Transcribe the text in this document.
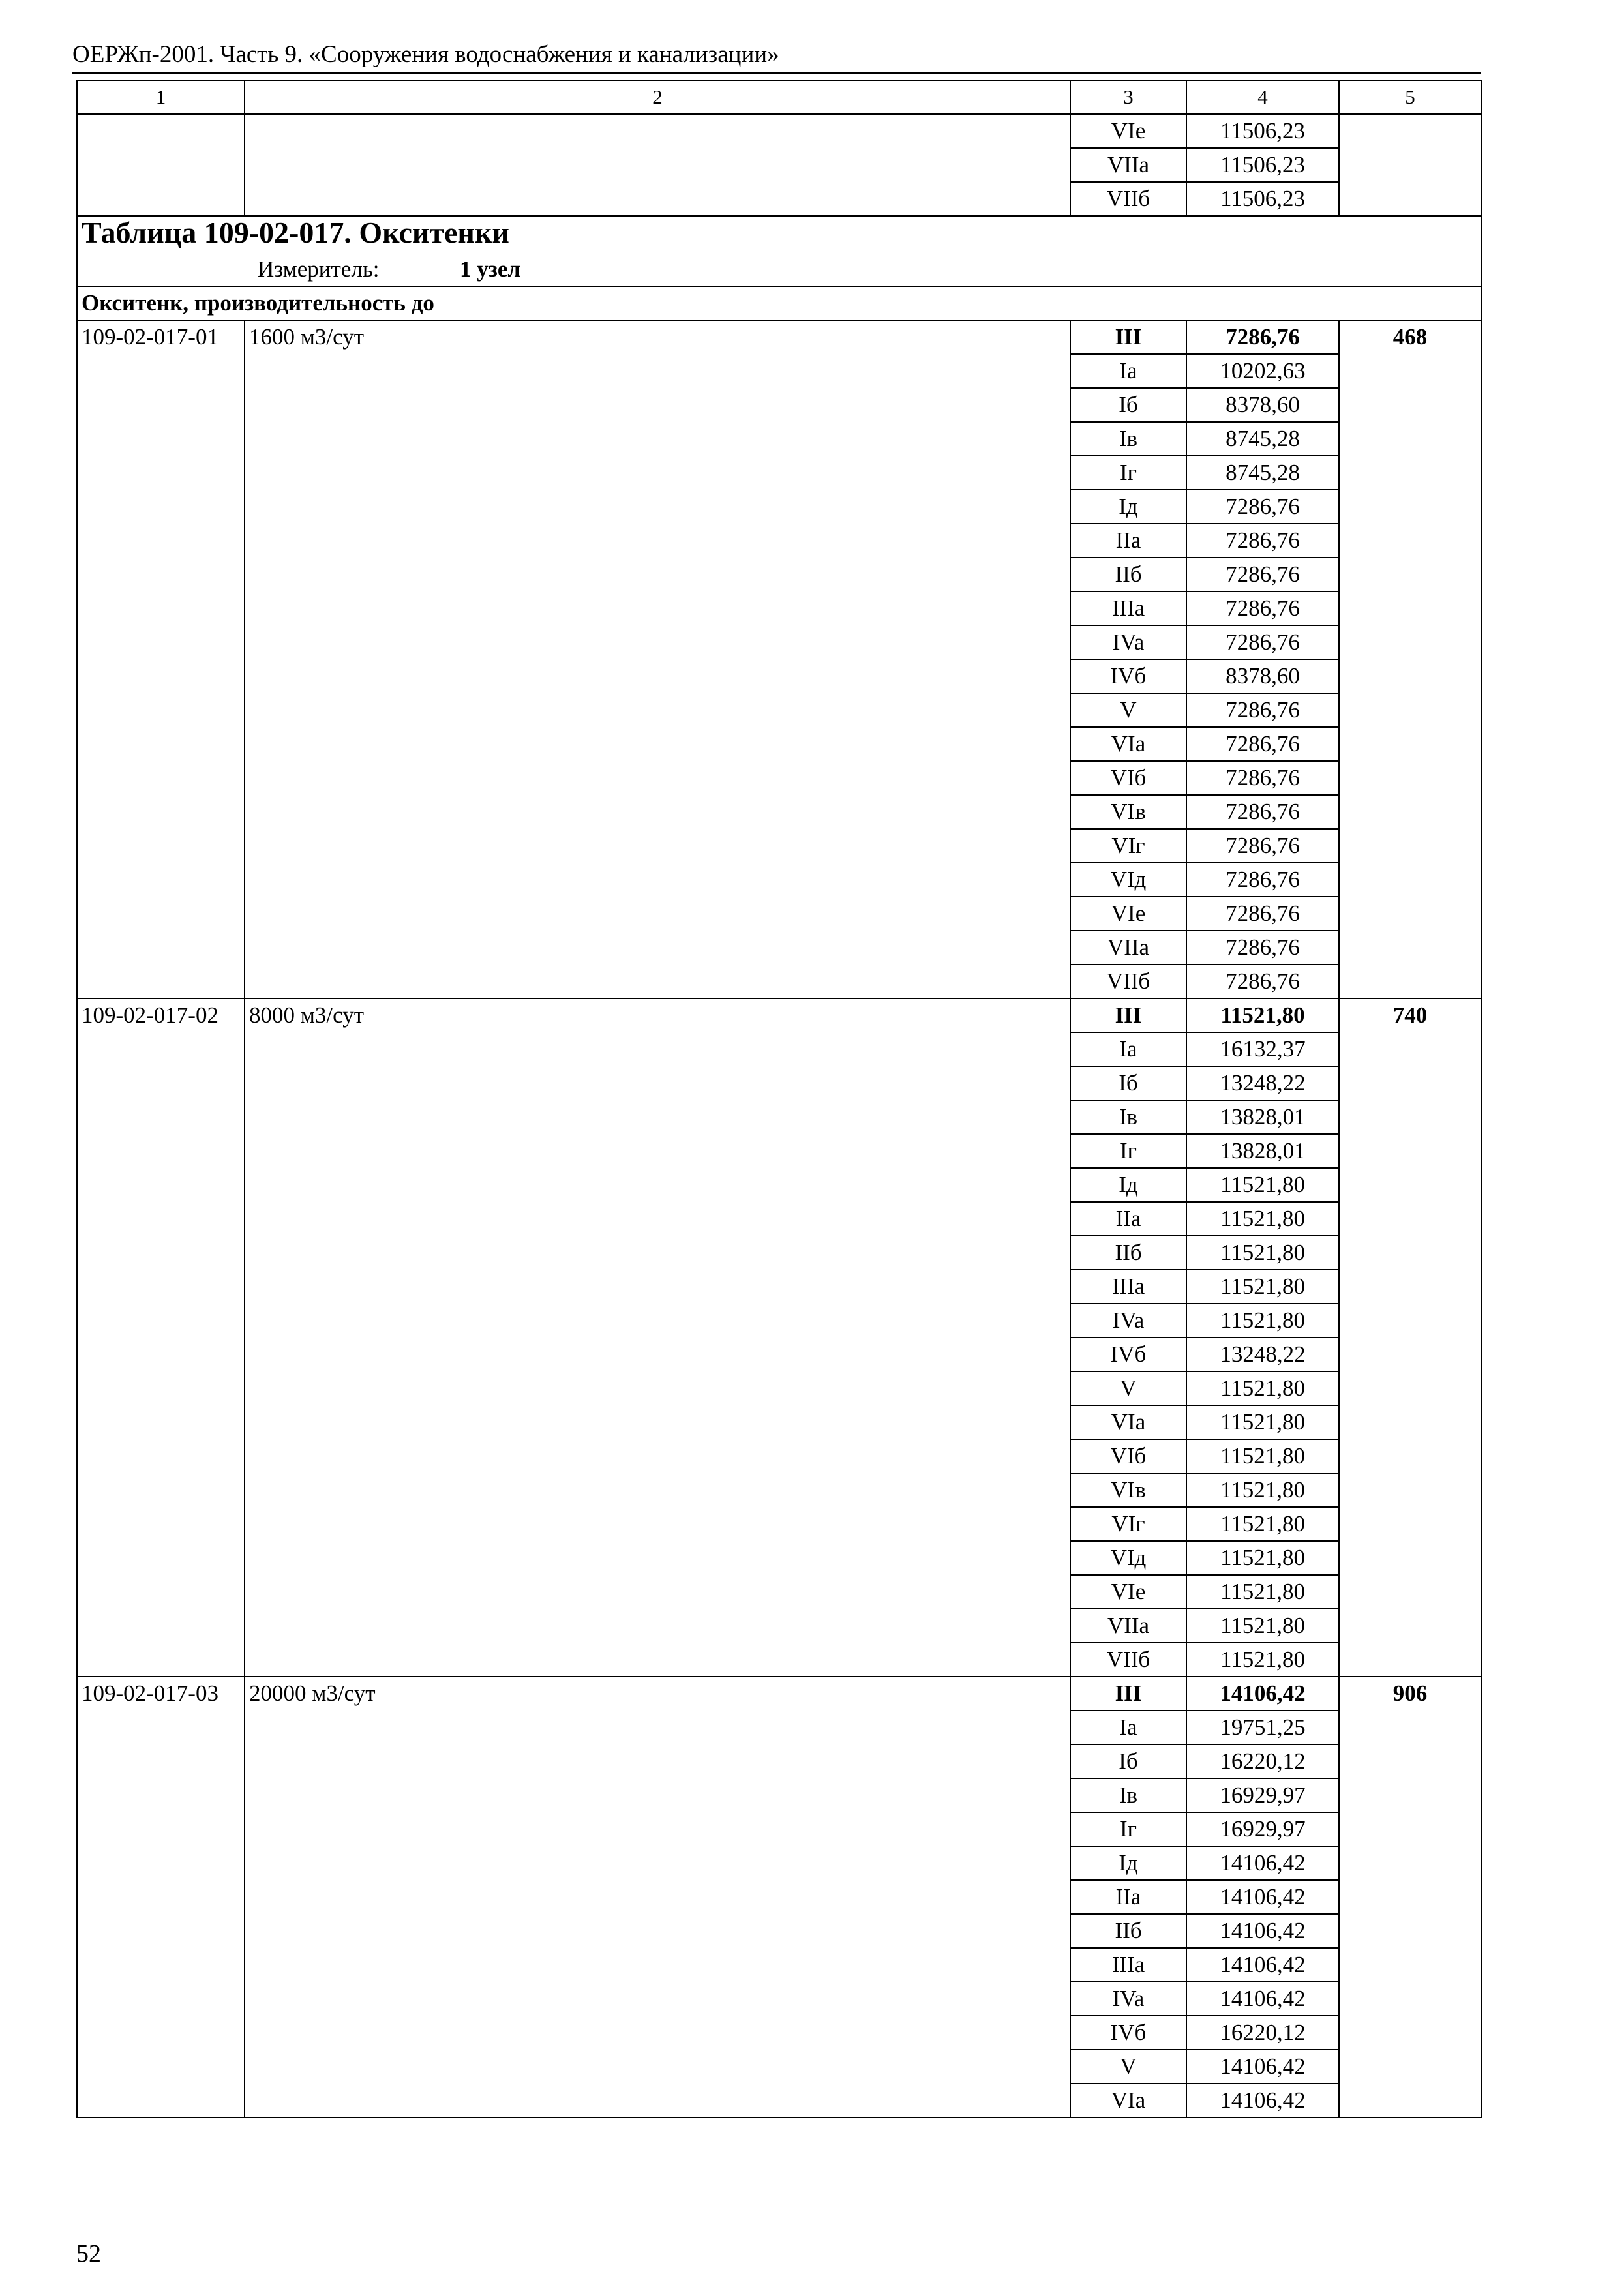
ОЕРЖп-2001. Часть 9. «Сооружения водоснабжения и канализации»
1	2	3	4	5
		VIe	11506,23	
		VIIa	11506,23	
		VIIб	11506,23	

Таблица 109-02-017. Окситенки
Измеритель: 1 узел				

Окситенк, производительность до				
109-02-017-01	1600 м3/сут	III	7286,76	468
		Ia	10202,63	
		Iб	8378,60	
		Iв	8745,28	
		Iг	8745,28	
		Iд	7286,76	
		IIa	7286,76	
		IIб	7286,76	
		IIIa	7286,76	
		IVa	7286,76	
		IVб	8378,60	
		V	7286,76	
		VIa	7286,76	
		VIб	7286,76	
		VIв	7286,76	
		VIг	7286,76	
		VIд	7286,76	
		VIe	7286,76	
		VIIa	7286,76	
		VIIб	7286,76	
109-02-017-02	8000 м3/сут	III	11521,80	740
		Ia	16132,37	
		Iб	13248,22	
		Iв	13828,01	
		Iг	13828,01	
		Iд	11521,80	
		IIa	11521,80	
		IIб	11521,80	
		IIIa	11521,80	
		IVa	11521,80	
		IVб	13248,22	
		V	11521,80	
		VIa	11521,80	
		VIб	11521,80	
		VIв	11521,80	
		VIг	11521,80	
		VIд	11521,80	
		VIe	11521,80	
		VIIa	11521,80	
		VIIб	11521,80	
109-02-017-03	20000 м3/сут	III	14106,42	906
		Ia	19751,25	
		Iб	16220,12	
		Iв	16929,97	
		Iг	16929,97	
		Iд	14106,42	
		IIa	14106,42	
		IIб	14106,42	
		IIIa	14106,42	
		IVa	14106,42	
		IVб	16220,12	
		V	14106,42	
		VIa	14106,42	
52
